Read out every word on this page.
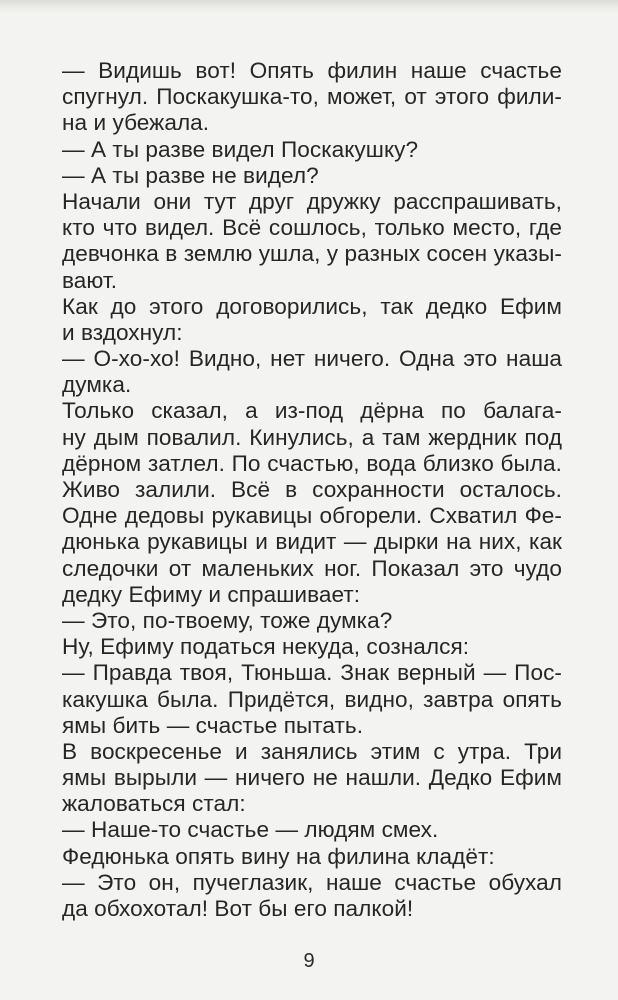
— Видишь вот! Опять филин наше счастье
спугнул. Поскакушка-то, может, от этого фили-
на и убежала.
— А ты разве видел Поскакушку?
— А ты разве не видел?
Начали они тут друг дружку расспрашивать,
кто что видел. Всё сошлось, только место, где
девчонка в землю ушла, у разных сосен указы-
вают.
Как до этого договорились, так дедко Ефим
и вздохнул:
— О-хо-хо! Видно, нет ничего. Одна это наша
думка.
Только сказал, а из-под дёрна по балага-
ну дым повалил. Кинулись, а там жердник под
дёрном затлел. По счастью, вода близко была.
Живо залили. Всё в сохранности осталось.
Одне дедовы рукавицы обгорели. Схватил Фе-
дюнька рукавицы и видит — дырки на них, как
следочки от маленьких ног. Показал это чудо
дедку Ефиму и спрашивает:
— Это, по-твоему, тоже думка?
Ну, Ефиму податься некуда, сознался:
— Правда твоя, Тюньша. Знак верный — Пос-
какушка была. Придётся, видно, завтра опять
ямы бить — счастье пытать.
В воскресенье и занялись этим с утра. Три
ямы вырыли — ничего не нашли. Дедко Ефим
жаловаться стал:
— Наше-то счастье — людям смех.
Федюнька опять вину на филина кладёт:
— Это он, пучеглазик, наше счастье обухал
да обхохотал! Вот бы его палкой!
9
